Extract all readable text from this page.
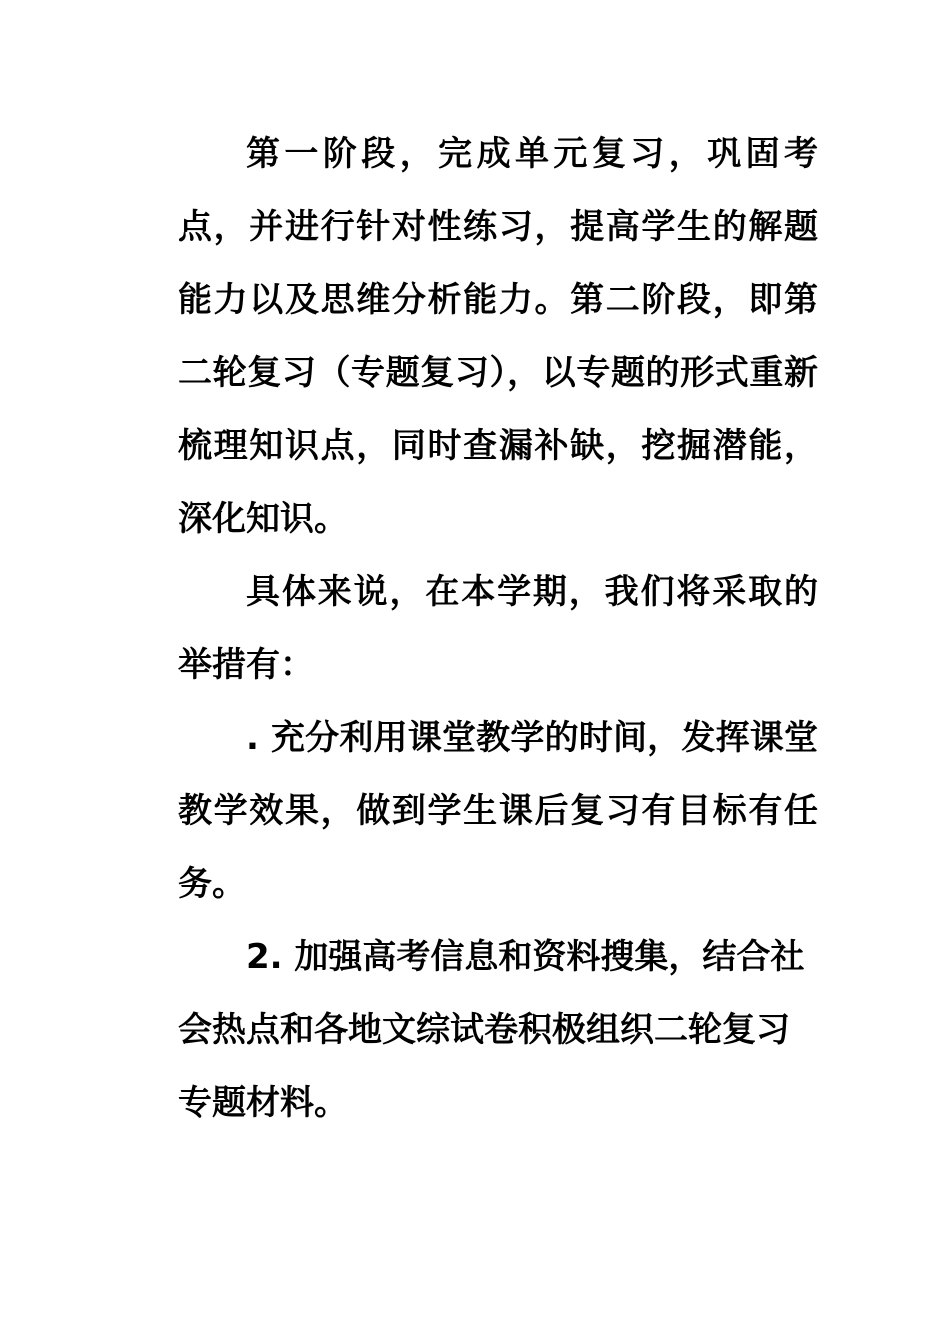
第一阶段，完成单元复习，巩固考点，并进行针对性练习，提高学生的解题能力以及思维分析能力。第二阶段，即第二轮复习（专题复习），以专题的形式重新梳理知识点，同时查漏补缺，挖掘潜能，深化知识。

具体来说，在本学期，我们将采取的举措有：

. 充分利用课堂教学的时间，发挥课堂教学效果，做到学生课后复习有目标有任务。

2. 加强高考信息和资料搜集，结合社会热点和各地文综试卷积极组织二轮复习专题材料。
